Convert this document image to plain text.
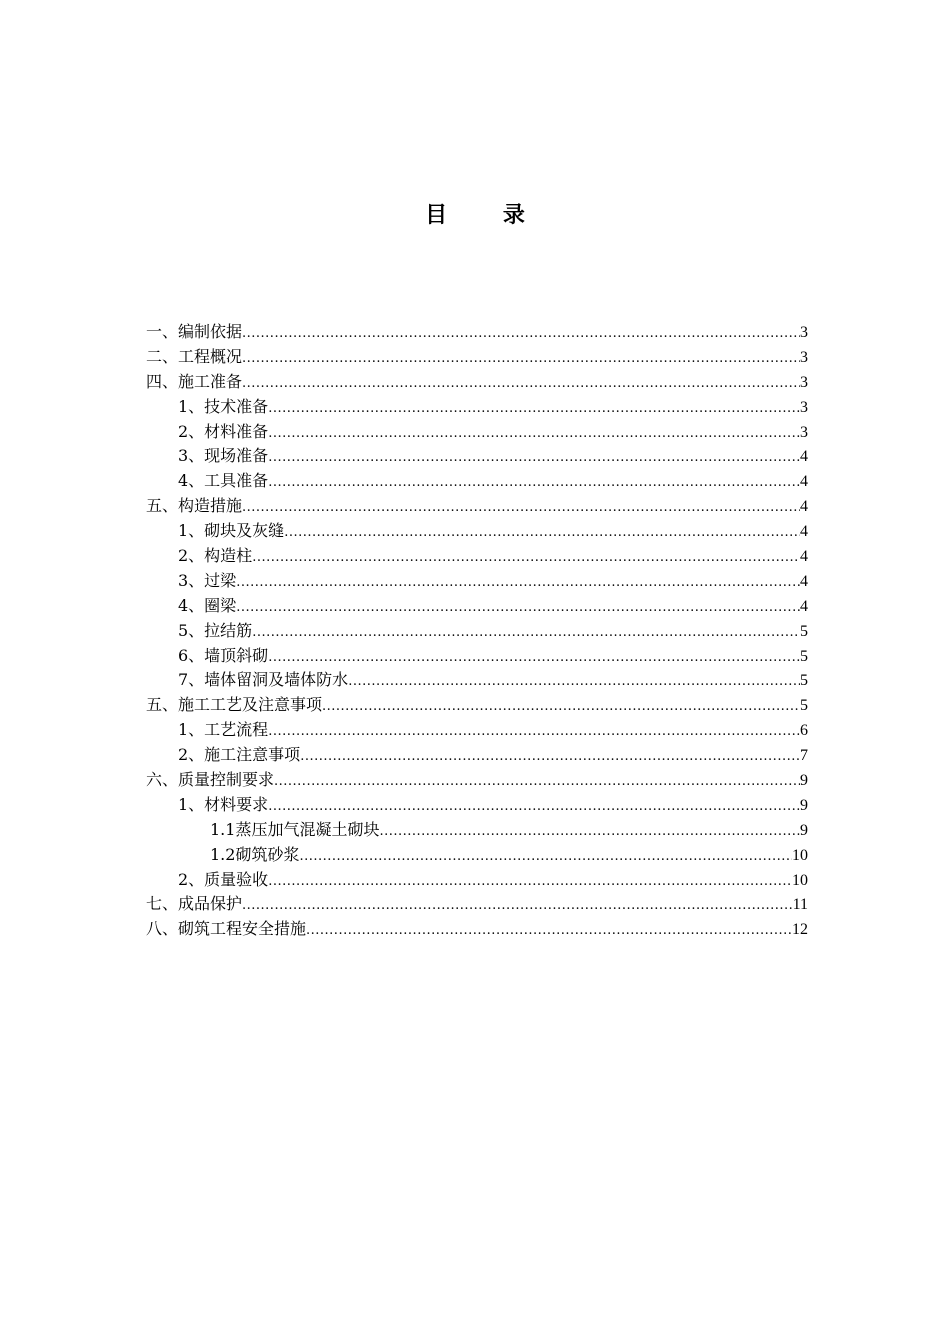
目 录
一、编制依据 .....	3
二、工程概况 .....	3
四、施工准备 .....	3
1、技术准备 .....	3
2、材料准备 .....	3
3、现场准备 .....	4
4、工具准备 .....	4
五、构造措施 .....	4
1、砌块及灰缝 .....	4
2、构造柱 .....	4
3、过梁 .....	4
4、圈梁 .....	4
5、拉结筋 .....	5
6、墙顶斜砌 .....	5
7、墙体留洞及墙体防水 .....	5
五、施工工艺及注意事项 .....	5
1、工艺流程 .....	6
2、施工注意事项 .....	7
六、质量控制要求 .....	9
1、材料要求 .....	9
1.1蒸压加气混凝土砌块 .....	9
1.2砌筑砂浆 .....	10
2、质量验收 .....	10
七、成品保护 .....	11
八、砌筑工程安全措施 .....	12
